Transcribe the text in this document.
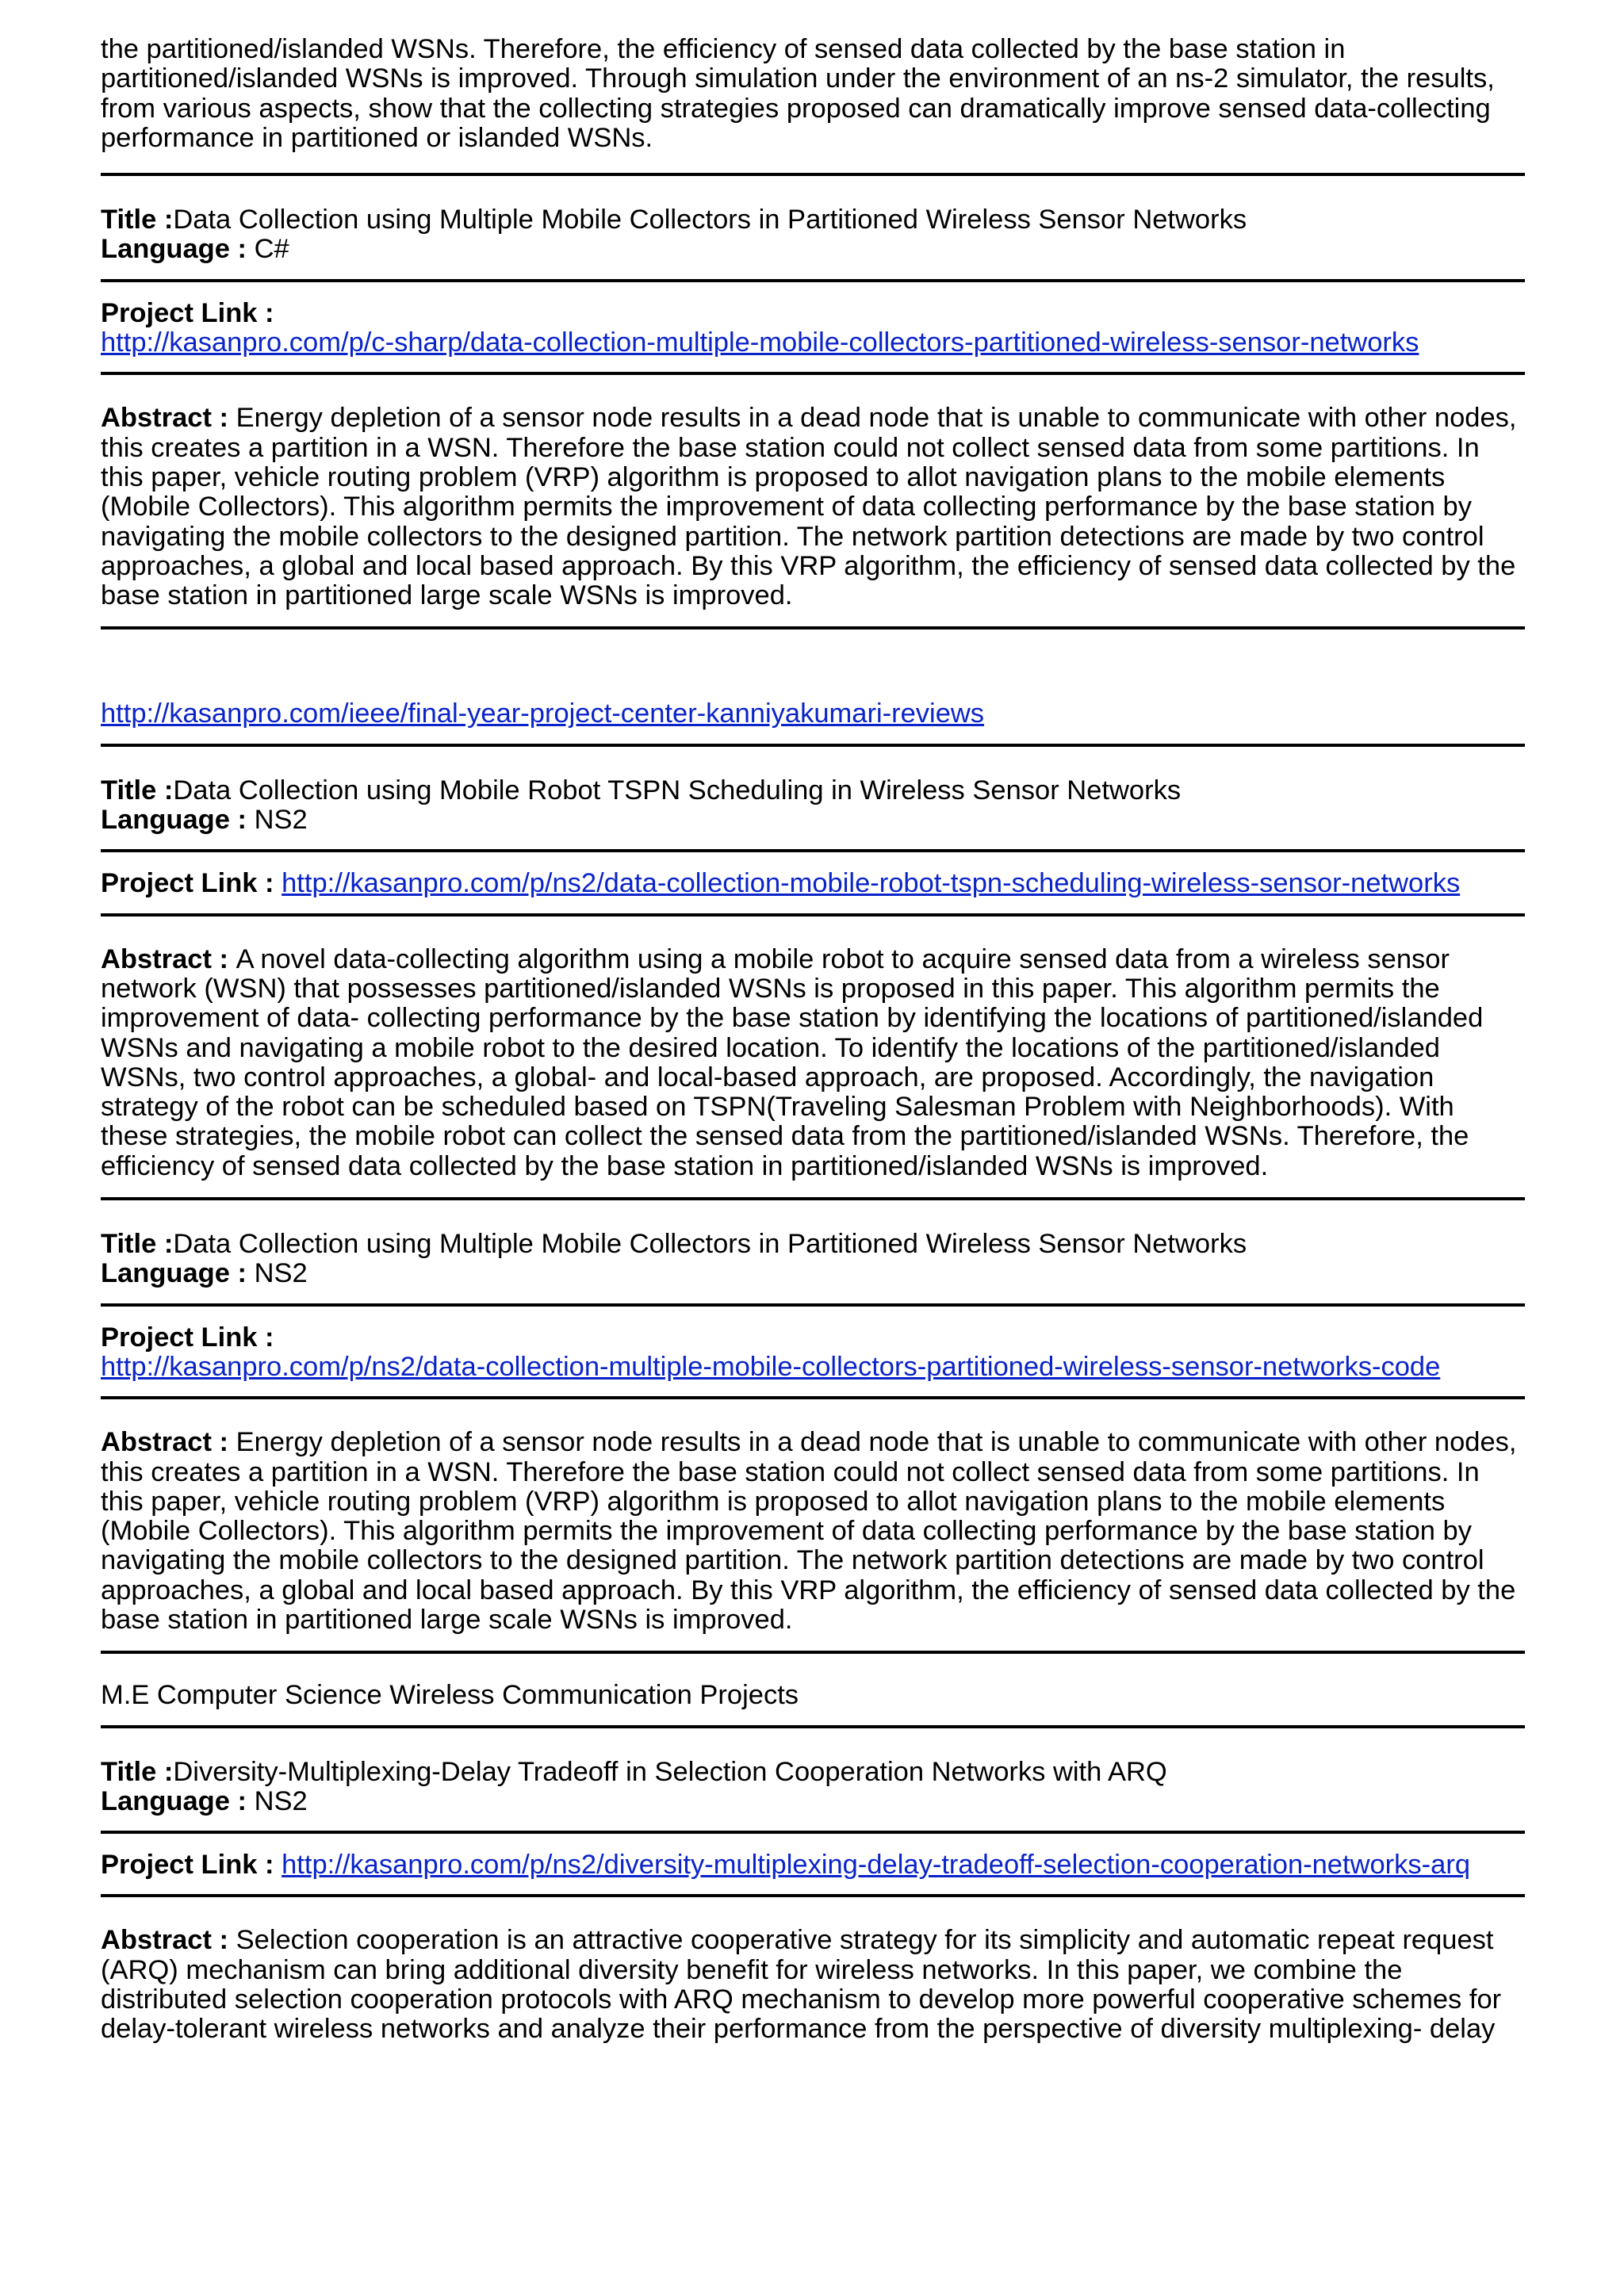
the partitioned/islanded WSNs. Therefore, the efficiency of sensed data collected by the base station in partitioned/islanded WSNs is improved. Through simulation under the environment of an ns-2 simulator, the results, from various aspects, show that the collecting strategies proposed can dramatically improve sensed data-collecting performance in partitioned or islanded WSNs.

Title :Data Collection using Multiple Mobile Collectors in Partitioned Wireless Sensor Networks

Language : C#

Project Link :

http://kasanpro.com/p/c-sharp/data-collection-multiple-mobile-collectors-partitioned-wireless-sensor-networks

Abstract : Energy depletion of a sensor node results in a dead node that is unable to communicate with other nodes, this creates a partition in a WSN. Therefore the base station could not collect sensed data from some partitions. In this paper, vehicle routing problem (VRP) algorithm is proposed to allot navigation plans to the mobile elements (Mobile Collectors). This algorithm permits the improvement of data collecting performance by the base station by navigating the mobile collectors to the designed partition. The network partition detections are made by two control approaches, a global and local based approach. By this VRP algorithm, the efficiency of sensed data collected by the base station in partitioned large scale WSNs is improved.

http://kasanpro.com/ieee/final-year-project-center-kanniyakumari-reviews

Title :Data Collection using Mobile Robot TSPN Scheduling in Wireless Sensor Networks

Language : NS2

Project Link : http://kasanpro.com/p/ns2/data-collection-mobile-robot-tspn-scheduling-wireless-sensor-networks

Abstract : A novel data-collecting algorithm using a mobile robot to acquire sensed data from a wireless sensor network (WSN) that possesses partitioned/islanded WSNs is proposed in this paper. This algorithm permits the improvement of data- collecting performance by the base station by identifying the locations of partitioned/islanded WSNs and navigating a mobile robot to the desired location. To identify the locations of the partitioned/islanded WSNs, two control approaches, a global- and local-based approach, are proposed. Accordingly, the navigation strategy of the robot can be scheduled based on TSPN(Traveling Salesman Problem with Neighborhoods). With these strategies, the mobile robot can collect the sensed data from the partitioned/islanded WSNs. Therefore, the efficiency of sensed data collected by the base station in partitioned/islanded WSNs is improved.

Title :Data Collection using Multiple Mobile Collectors in Partitioned Wireless Sensor Networks

Language : NS2

Project Link :

http://kasanpro.com/p/ns2/data-collection-multiple-mobile-collectors-partitioned-wireless-sensor-networks-code

Abstract : Energy depletion of a sensor node results in a dead node that is unable to communicate with other nodes, this creates a partition in a WSN. Therefore the base station could not collect sensed data from some partitions. In this paper, vehicle routing problem (VRP) algorithm is proposed to allot navigation plans to the mobile elements (Mobile Collectors). This algorithm permits the improvement of data collecting performance by the base station by navigating the mobile collectors to the designed partition. The network partition detections are made by two control approaches, a global and local based approach. By this VRP algorithm, the efficiency of sensed data collected by the base station in partitioned large scale WSNs is improved.

M.E Computer Science Wireless Communication Projects

Title :Diversity-Multiplexing-Delay Tradeoff in Selection Cooperation Networks with ARQ

Language : NS2

Project Link : http://kasanpro.com/p/ns2/diversity-multiplexing-delay-tradeoff-selection-cooperation-networks-arq

Abstract : Selection cooperation is an attractive cooperative strategy for its simplicity and automatic repeat request (ARQ) mechanism can bring additional diversity benefit for wireless networks. In this paper, we combine the distributed selection cooperation protocols with ARQ mechanism to develop more powerful cooperative schemes for delay-tolerant wireless networks and analyze their performance from the perspective of diversity multiplexing- delay
